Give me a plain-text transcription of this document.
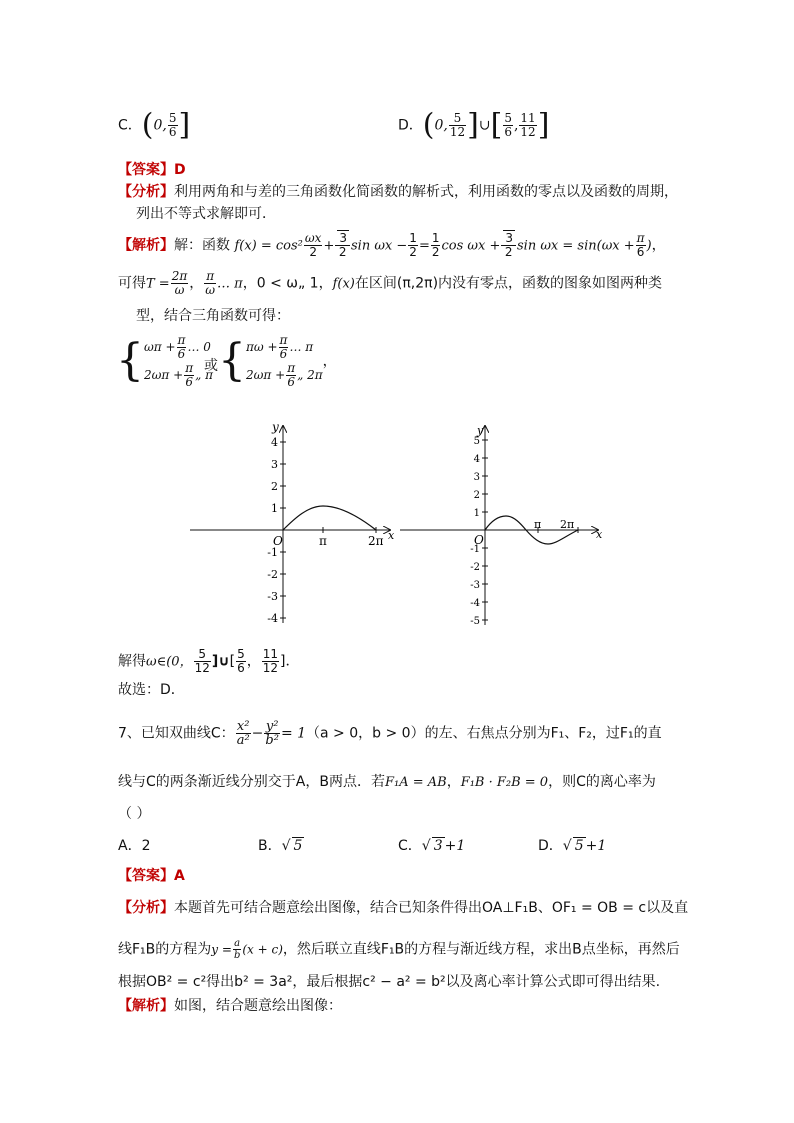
C．(0, $\frac{5}{6}$ ]	D．(0, $\frac{5}{12}$ ]∪[ $\frac{5}{6}$ , $\frac{11}{12}$ ]
【答案】D
【分析】利用两角和与差的三角函数化简函数的解析式，利用函数的零点以及函数的周期，
列出不等式求解即可．
【解析】解：函数 $f(x) = \cos^2 \frac{\omega x}{2} + \frac{3}{2}$ $\sin \omega x - \frac{1}{2} = \frac{1}{2}$ $\cos \omega x + \frac{3}{2}$ $\sin \omega x = \sin(\omega x + \frac{\pi}{6}$ )，
可得$T = \frac{2\pi}{\omega}$ ， $\frac{\pi}{\omega}$ … π，0 < ω„ 1，f(x)在区间(π,2π)内没有零点，函数的图象如图两种类
型，结合三角函数可得：
{$\omega\pi + \frac{\pi}{6}$ … 0
$2\omega\pi + \frac{\pi}{6}$ „ π
或 {$\pi\omega + \frac{\pi}{6}$ … π
$2\omega\pi + \frac{\pi}{6}$ „ 2π，
4
3
2
1
-1
-2
-3
-4
O	π	2π x
y
5
4
3
2
1
-1
-2
-3
-4
-5
O
π 2π
x
y
解得ω∈(0， $\frac{5}{12}$ ]∪[ $\frac{5}{6}$ ， $\frac{11}{12}$ ]．
故选：D．
7、已知双曲线C： $\frac{\text{x²}}{\text{a²}} - \frac{\text{y²}}{\text{b²}} = 1(a > 0$，b > 0）的左、右焦点分别为F₁、F₂，过F₁的直
线与C的两条渐近线分别交于A，B两点．若F₁A = AB，F₁B · F₂B = 0，则C的离心率为
（ ）
A．2	B．√ 5	C．√ 3 +1	D．√ 5 +1
【答案】A
【分析】本题首先可结合题意绘出图像，结合已知条件得出OA⊥F₁B、OF₁ = OB = c以及直
线F₁B的方程为$y = \frac{a}{b} (x + c)$，然后联立直线F₁B的方程与渐近线方程，求出B点坐标，再然后
根据OB² = c²得出b² = 3a²，最后根据c² − a² = b²以及离心率计算公式即可得出结果.
【解析】如图，结合题意绘出图像：
